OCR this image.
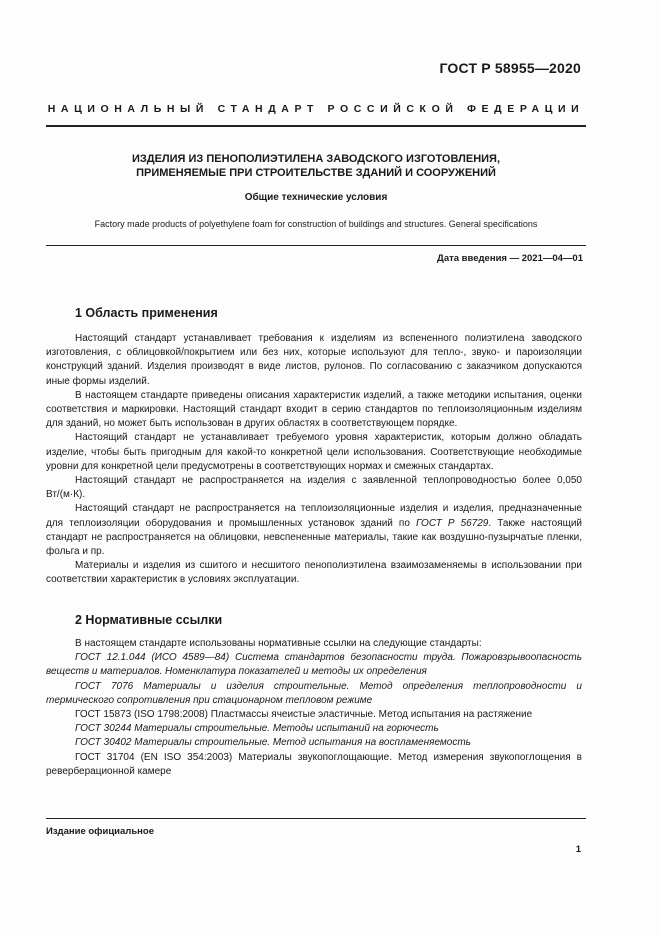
ГОСТ Р 58955—2020
НАЦИОНАЛЬНЫЙ СТАНДАРТ РОССИЙСКОЙ ФЕДЕРАЦИИ
ИЗДЕЛИЯ ИЗ ПЕНОПОЛИЭТИЛЕНА ЗАВОДСКОГО ИЗГОТОВЛЕНИЯ,
ПРИМЕНЯЕМЫЕ ПРИ СТРОИТЕЛЬСТВЕ ЗДАНИЙ И СООРУЖЕНИЙ
Общие технические условия
Factory made products of polyethylene foam for construction of buildings and structures. General specifications
Дата введения — 2021—04—01
1 Область применения

Настоящий стандарт устанавливает требования к изделиям из вспененного полиэтилена заводского изготовления, с облицовкой/покрытием или без них, которые используют для тепло-, звуко- и пароизоляции конструкций зданий. Изделия производят в виде листов, рулонов. По согласованию с заказчиком допускаются иные формы изделий.

В настоящем стандарте приведены описания характеристик изделий, а также методики испытания, оценки соответствия и маркировки. Настоящий стандарт входит в серию стандартов по теплоизоляционным изделиям для зданий, но может быть использован в других областях в соответствующем порядке.

Настоящий стандарт не устанавливает требуемого уровня характеристик, которым должно обладать изделие, чтобы быть пригодным для какой-то конкретной цели использования. Соответствующие необходимые уровни для конкретной цели предусмотрены в соответствующих нормах и смежных стандартах.

Настоящий стандарт не распространяется на изделия с заявленной теплопроводностью более 0,050 Вт/(м·К).

Настоящий стандарт не распространяется на теплоизоляционные изделия и изделия, предназначенные для теплоизоляции оборудования и промышленных установок зданий по ГОСТ Р 56729. Также настоящий стандарт не распространяется на облицовки, невспененные материалы, такие как воздушно-пузырчатые пленки, фольга и пр.

Материалы и изделия из сшитого и несшитого пенополиэтилена взаимозаменяемы в использовании при соответствии характеристик в условиях эксплуатации.

2 Нормативные ссылки

В настоящем стандарте использованы нормативные ссылки на следующие стандарты:

ГОСТ 12.1.044 (ИСО 4589—84) Система стандартов безопасности труда. Пожаровзрывоопасность веществ и материалов. Номенклатура показателей и методы их определения

ГОСТ 7076 Материалы и изделия строительные. Метод определения теплопроводности и термического сопротивления при стационарном тепловом режиме

ГОСТ 15873 (ISO 1798:2008) Пластмассы ячеистые эластичные. Метод испытания на растяжение

ГОСТ 30244 Материалы строительные. Методы испытаний на горючесть

ГОСТ 30402 Материалы строительные. Метод испытания на воспламеняемость

ГОСТ 31704 (EN ISO 354:2003) Материалы звукопоглощающие. Метод измерения звукопоглощения в реверберационной камере

Издание официальное
1
